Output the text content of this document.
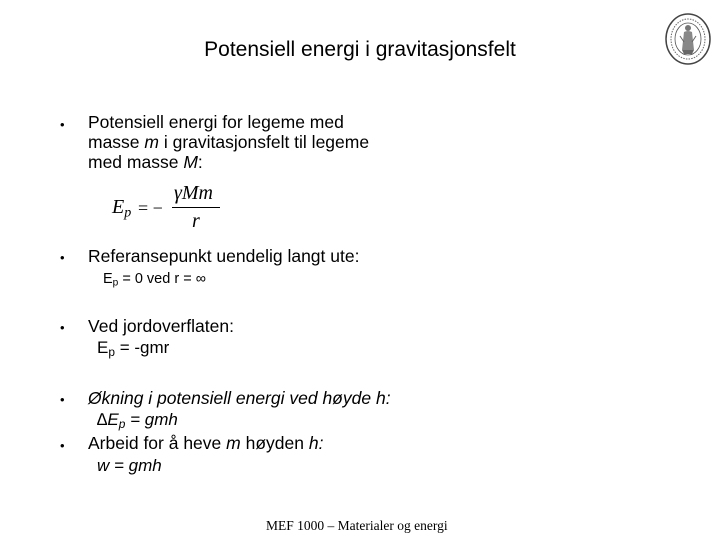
Potensiell energi i gravitasjonsfelt
• Potensiell energi for legeme med
masse m i gravitasjonsfelt til legeme
med masse M:
$E_p$ = −
γMm
r
• Referansepunkt uendelig langt ute:
$E_p = 0$ ved r = ∞
• Ved jordoverflaten:
$E_p = -gmr$
• Økning i potensiell energi ved høyde h:
$\Delta E_p$ = gmh
• Arbeid for å heve m høyden h:
w = gmh
MEF 1000 – Materialer og energi
